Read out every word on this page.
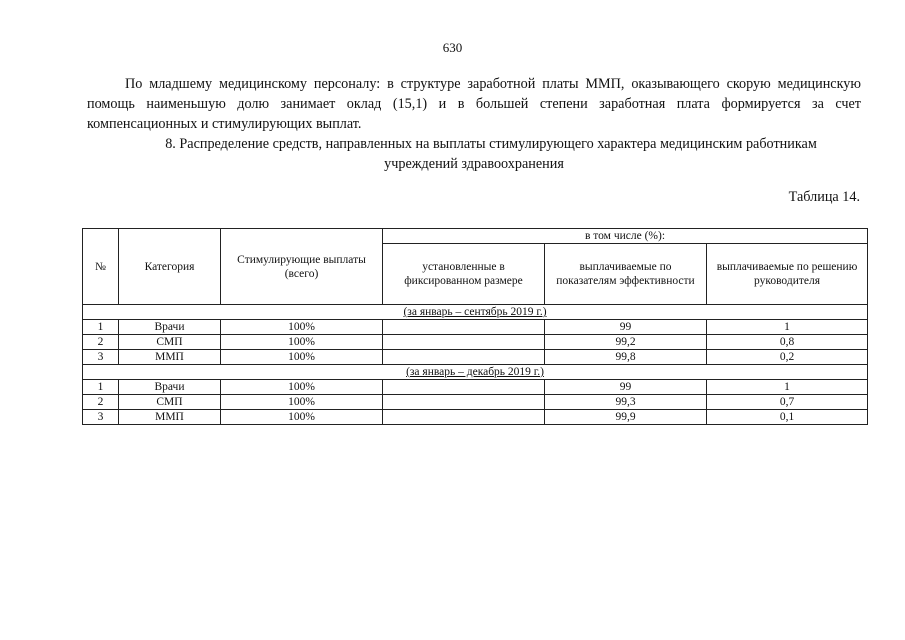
630
По младшему медицинскому персоналу: в структуре заработной платы ММП, оказывающего скорую медицинскую помощь наименьшую долю занимает оклад (15,1) и в большей степени заработная плата формируется за счет компенсационных и стимулирующих выплат.
8. Распределение средств, направленных на выплаты стимулирующего характера медицинским работникам
учреждений здравоохранения
Таблица 14.
№	Категория	Стимулирующие выплаты (всего)	в том числе (%):		
			установленные в фиксированном размере	выплачиваемые по показателям эффективности	выплачиваемые по решению руководителя
(за январь – сентябрь 2019 г.)					
1	Врачи	100%		99	1
2	СМП	100%		99,2	0,8
3	ММП	100%		99,8	0,2
(за январь – декабрь 2019 г.)					
1	Врачи	100%		99	1
2	СМП	100%		99,3	0,7
3	ММП	100%		99,9	0,1
